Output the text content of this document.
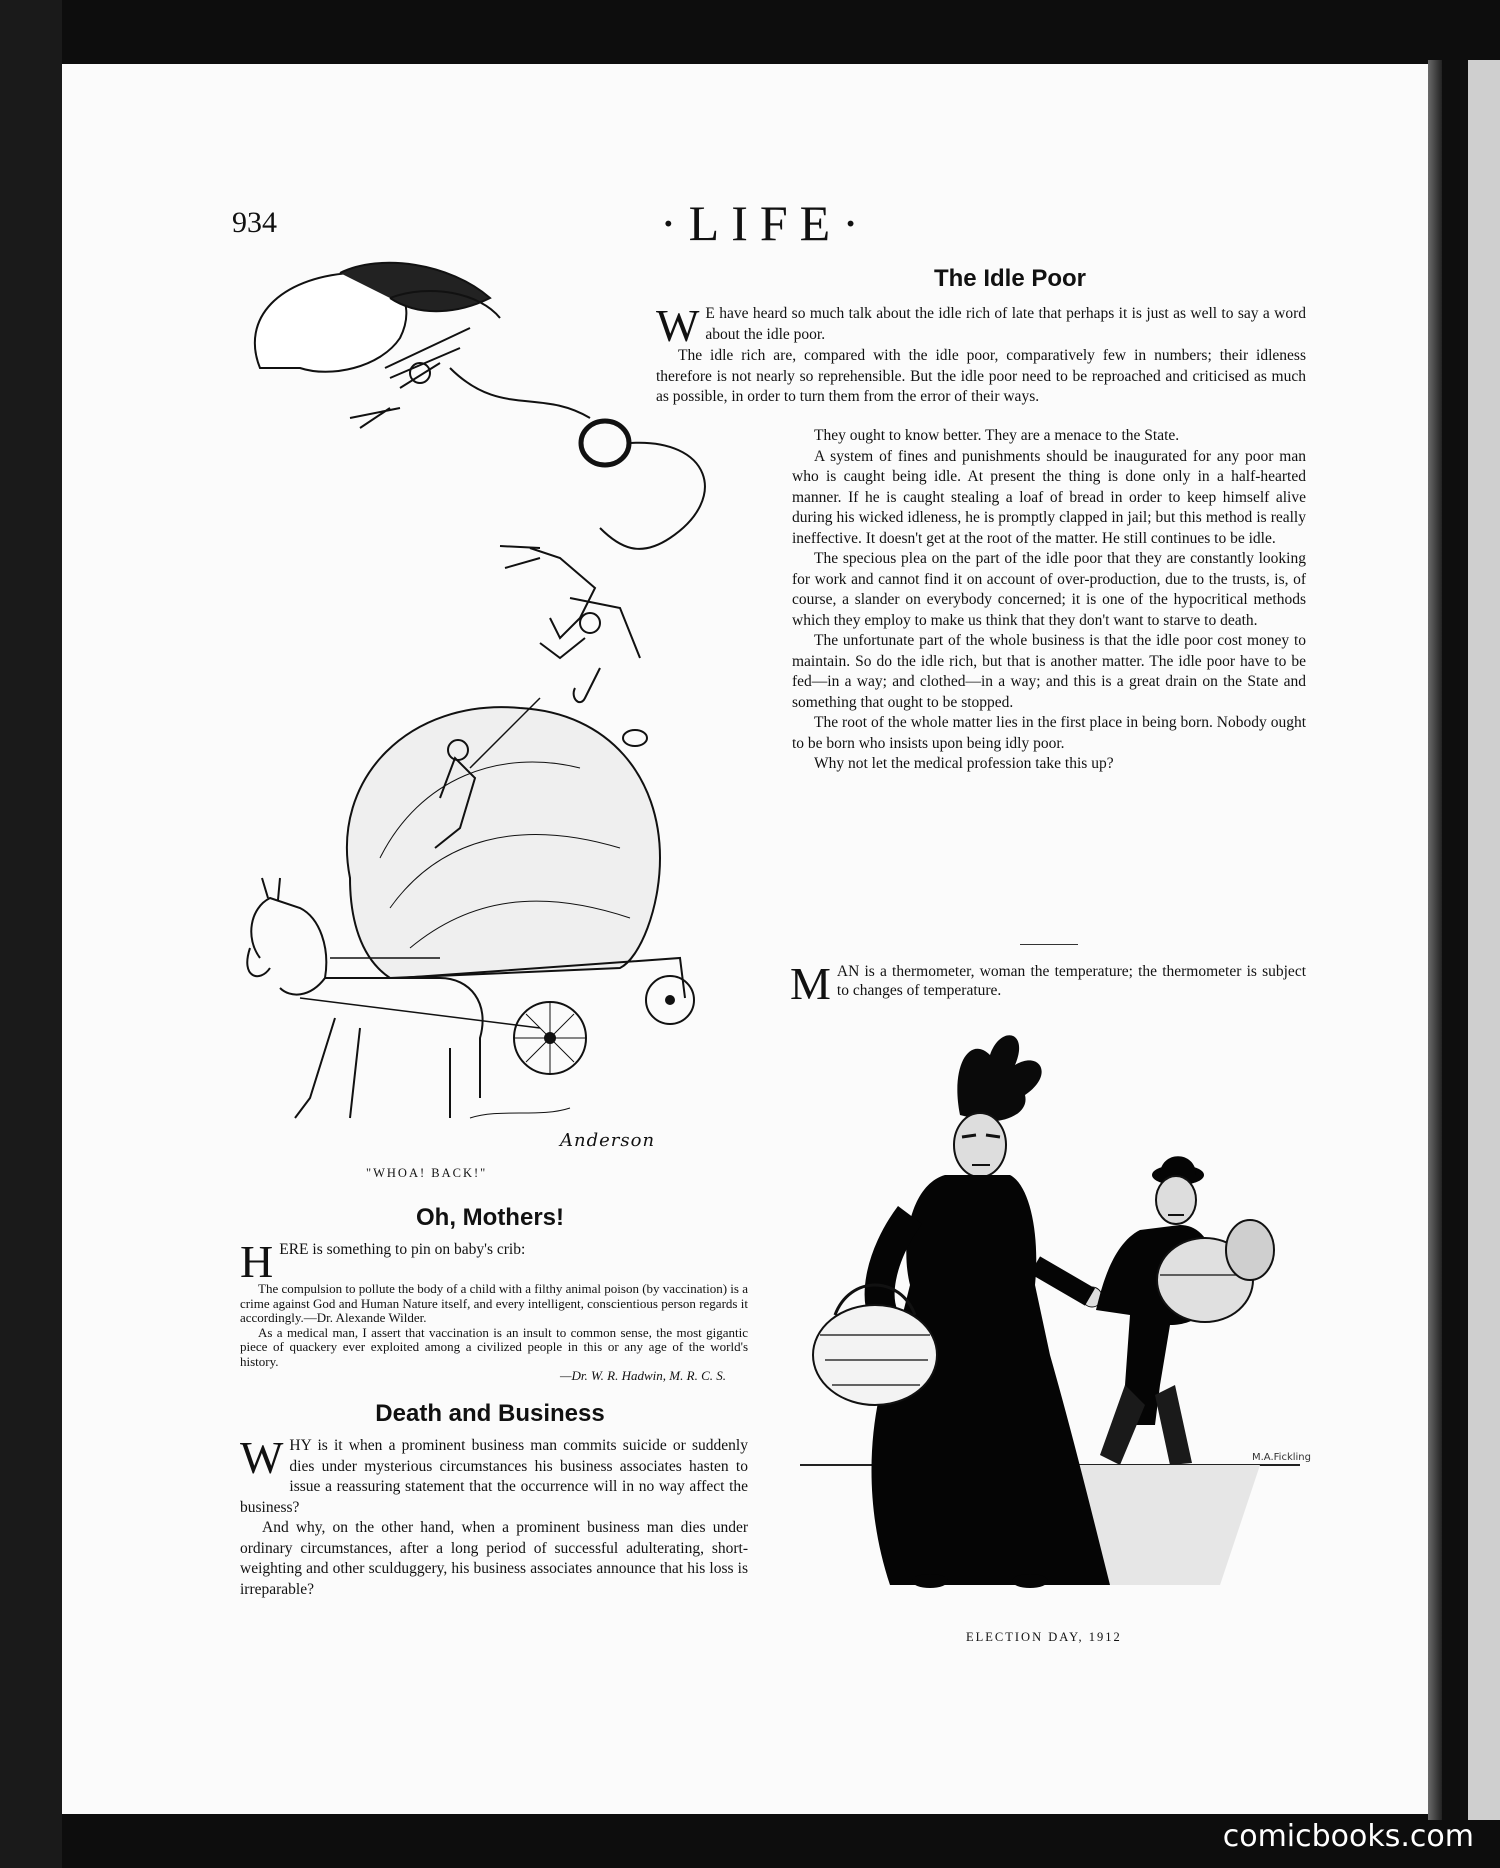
934	·LIFE·
The Idle Poor

W E have heard so much talk about the idle rich of late that perhaps it is just as well to say a word about the idle poor.

The idle rich are, compared with the idle poor, comparatively few in numbers; their idleness therefore is not nearly so reprehensible. But the idle poor need to be reproached and criticised as much as possible, in order to turn them from the error of their ways.

They ought to know better. They are a menace to the State.

A system of fines and punishments should be inaugurated for any poor man who is caught being idle. At present the thing is done only in a half-hearted manner. If he is caught stealing a loaf of bread in order to keep himself alive during his wicked idleness, he is promptly clapped in jail; but this method is really ineffective. It doesn't get at the root of the matter. He still continues to be idle.

The specious plea on the part of the idle poor that they are constantly looking for work and cannot find it on account of over-production, due to the trusts, is, of course, a slander on everybody concerned; it is one of the hypocritical methods which they employ to make us think that they don't want to starve to death.

The unfortunate part of the whole business is that the idle poor cost money to maintain. So do the idle rich, but that is another matter. The idle poor have to be fed—in a way; and clothed—in a way; and this is a great drain on the State and something that ought to be stopped.

The root of the whole matter lies in the first place in being born. Nobody ought to be born who insists upon being idly poor.

Why not let the medical profession take this up?

MAN is a thermometer, woman the temperature; the thermometer is subject to changes of temperature.

Anderson
"WHOA! BACK!"
Oh, Mothers!

HERE is something to pin on baby's crib:

The compulsion to pollute the body of a child with a filthy animal poison (by vaccination) is a crime against God and Human Nature itself, and every intelligent, conscientious person regards it accordingly.—Dr. Alexande Wilder.

As a medical man, I assert that vaccination is an insult to common sense, the most gigantic piece of quackery ever exploited among a civilized people in this or any age of the world's history.

—Dr. W. R. Hadwin, M. R. C. S.
Death and Business

WHY is it when a prominent business man commits suicide or suddenly dies under mysterious circumstances his business associates hasten to issue a reassuring statement that the occurrence will in no way affect the business?

And why, on the other hand, when a prominent business man dies under ordinary circumstances, after a long period of successful adulterating, short-weighting and other sculduggery, his business associates announce that his loss is irreparable?

M.A.Fickling
ELECTION DAY, 1912
comicbooks.com
